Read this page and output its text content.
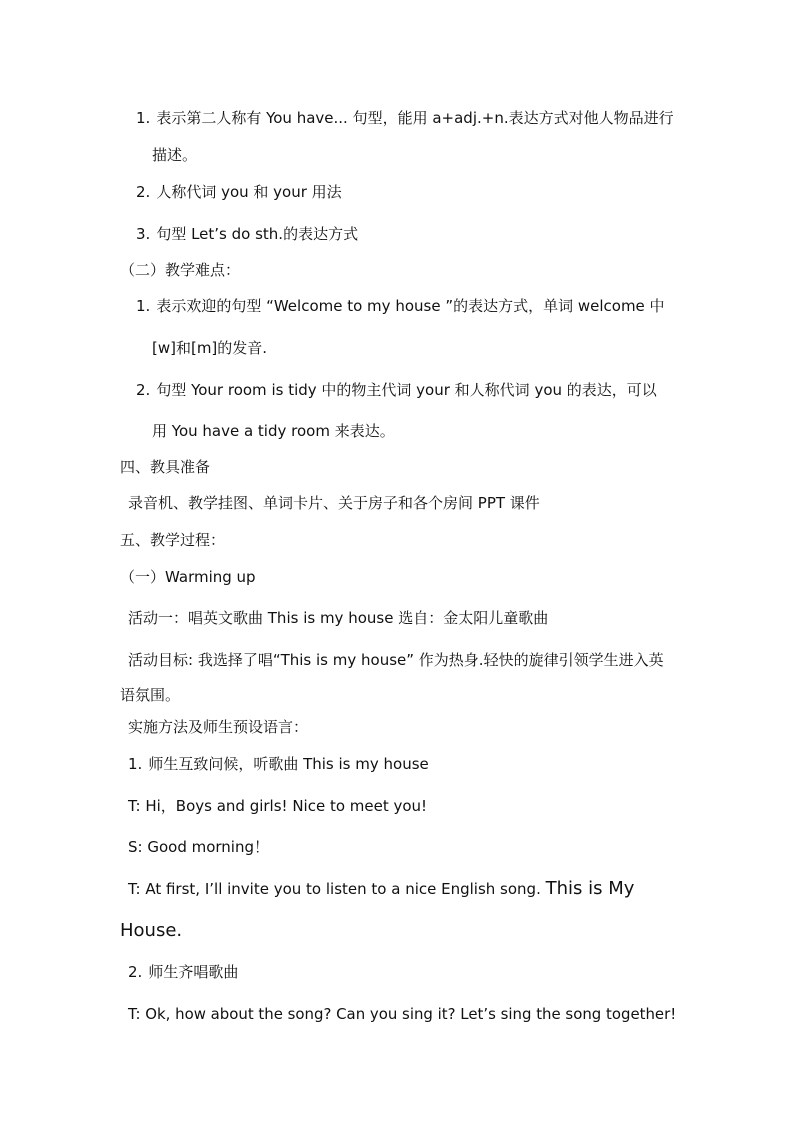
1. 表示第二人称有 You have... 句型，能用 a+adj.+n.表达方式对他人物品进行
描述。
2. 人称代词 you 和 your 用法
3. 句型 Let’s do sth.的表达方式
（二）教学难点：
1. 表示欢迎的句型 “Welcome to my house ”的表达方式，单词 welcome 中
[w]和[m]的发音.
2. 句型 Your room is tidy 中的物主代词 your 和人称代词 you 的表达，可以
用 You have a tidy room 来表达。
四、教具准备
录音机、教学挂图、单词卡片、关于房子和各个房间 PPT 课件
五、教学过程：
（一）Warming up
活动一：唱英文歌曲 This is my house 选自：金太阳儿童歌曲
活动目标: 我选择了唱“This is my house” 作为热身.轻快的旋律引领学生进入英
语氛围。
实施方法及师生预设语言：
1. 师生互致问候，听歌曲 This is my house
T: Hi，Boys and girls! Nice to meet you!
S: Good morning！
T: At first, I’ll invite you to listen to a nice English song. This is My
House.
2. 师生齐唱歌曲
T: Ok, how about the song? Can you sing it? Let’s sing the song together!
